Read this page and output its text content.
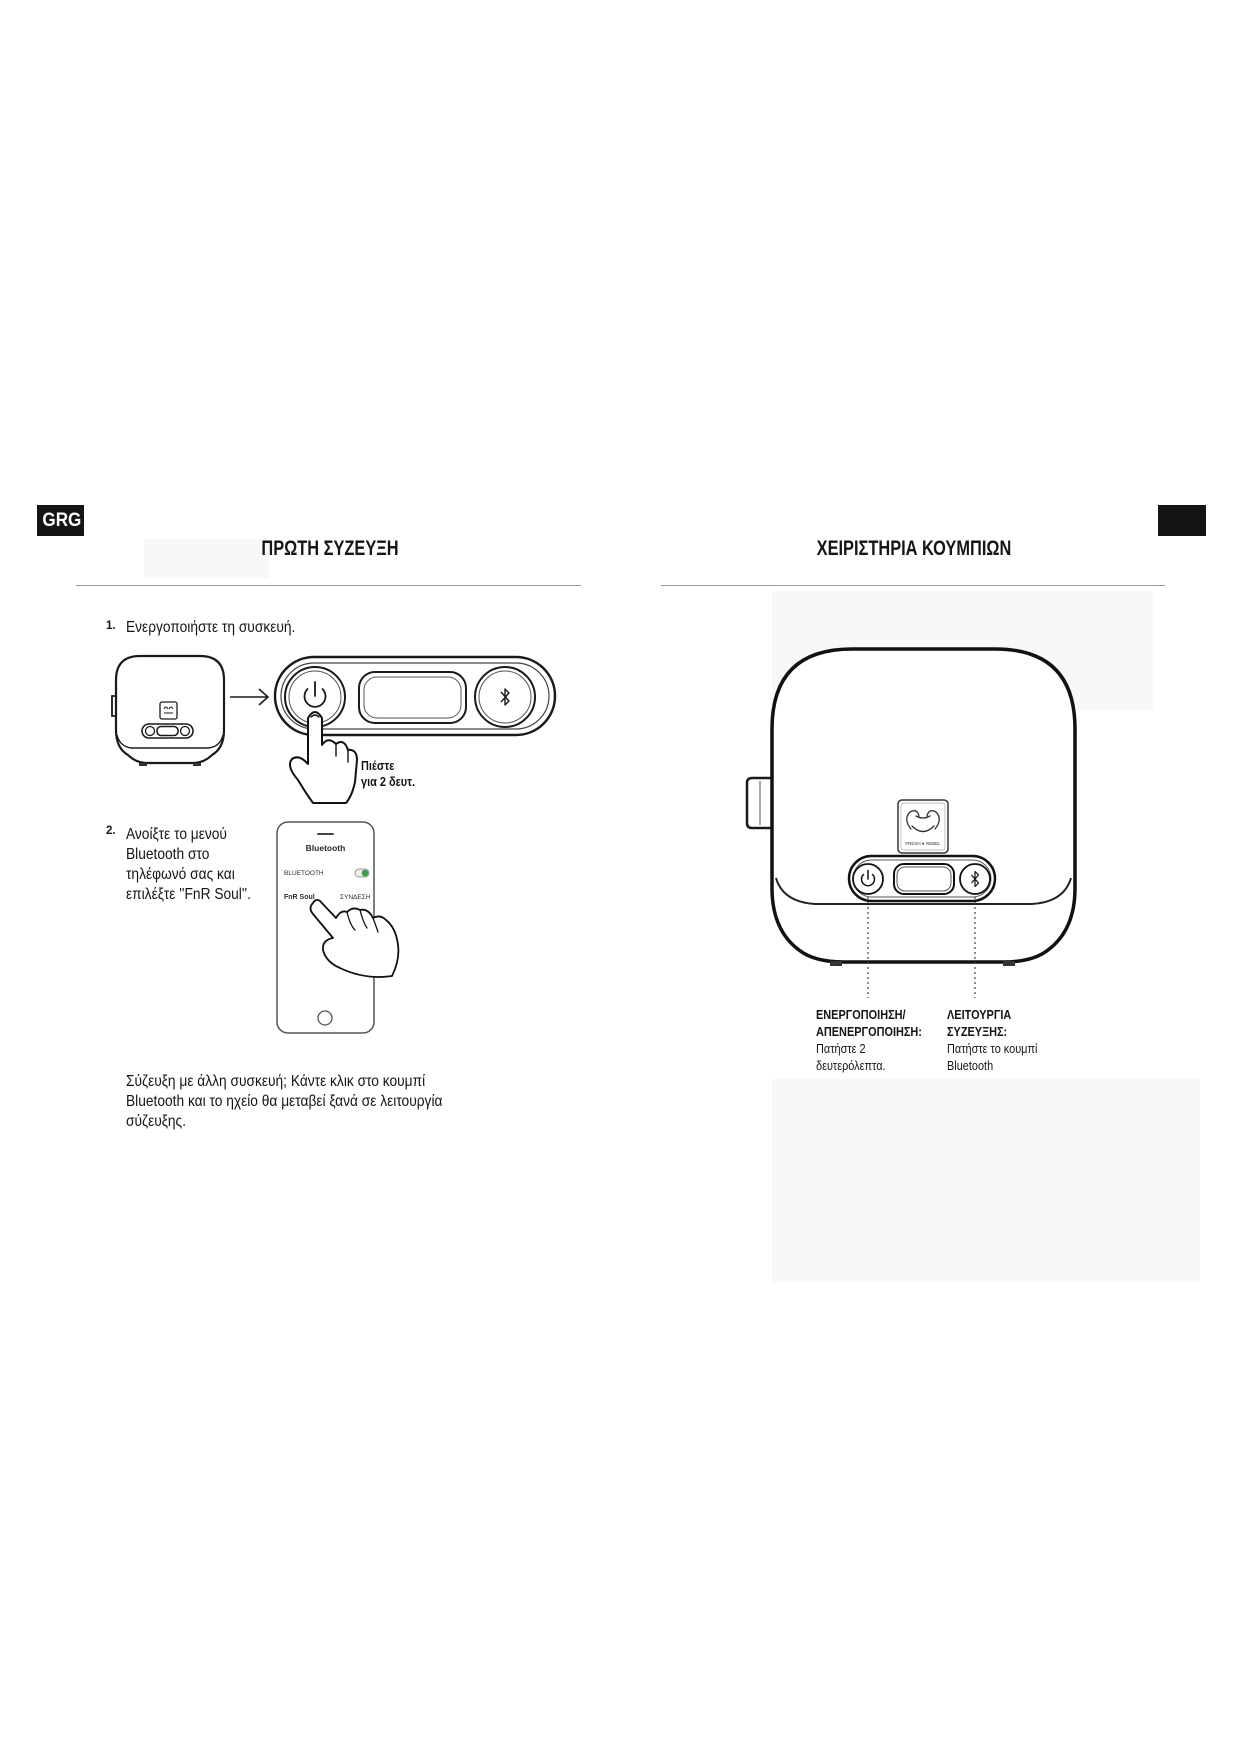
GRG
ΠΡΩΤΗ ΣΥΖΕΥΞΗ	ΧΕΙΡΙΣΤΗΡΙΑ ΚΟΥΜΠΙΩΝ
1. Ενεργοποιήστε τη συσκευή.
Πιέστε
για 2 δευτ.
2. Ανοίξτε το μενού
Bluetooth στο
τηλέφωνό σας και
επιλέξτε ''FnR Soul''.
Bluetooth
BLUETOOTH
FnR Soul	ΣΥΝΔΕΣΗ
Σύζευξη με άλλη συσκευή; Κάντε κλικ στο κουμπί
Bluetooth και το ηχείο θα μεταβεί ξανά σε λειτουργία
σύζευξης.
FRESH ● REBEL
ΕΝΕΡΓΟΠΟΙΗΣΗ/
ΑΠΕΝΕΡΓΟΠΟΙΗΣΗ:
Πατήστε 2
δευτερόλεπτα.
ΛΕΙΤΟΥΡΓΙΑ
ΣΥΖΕΥΞΗΣ:
Πατήστε το κουμπί
Bluetooth
